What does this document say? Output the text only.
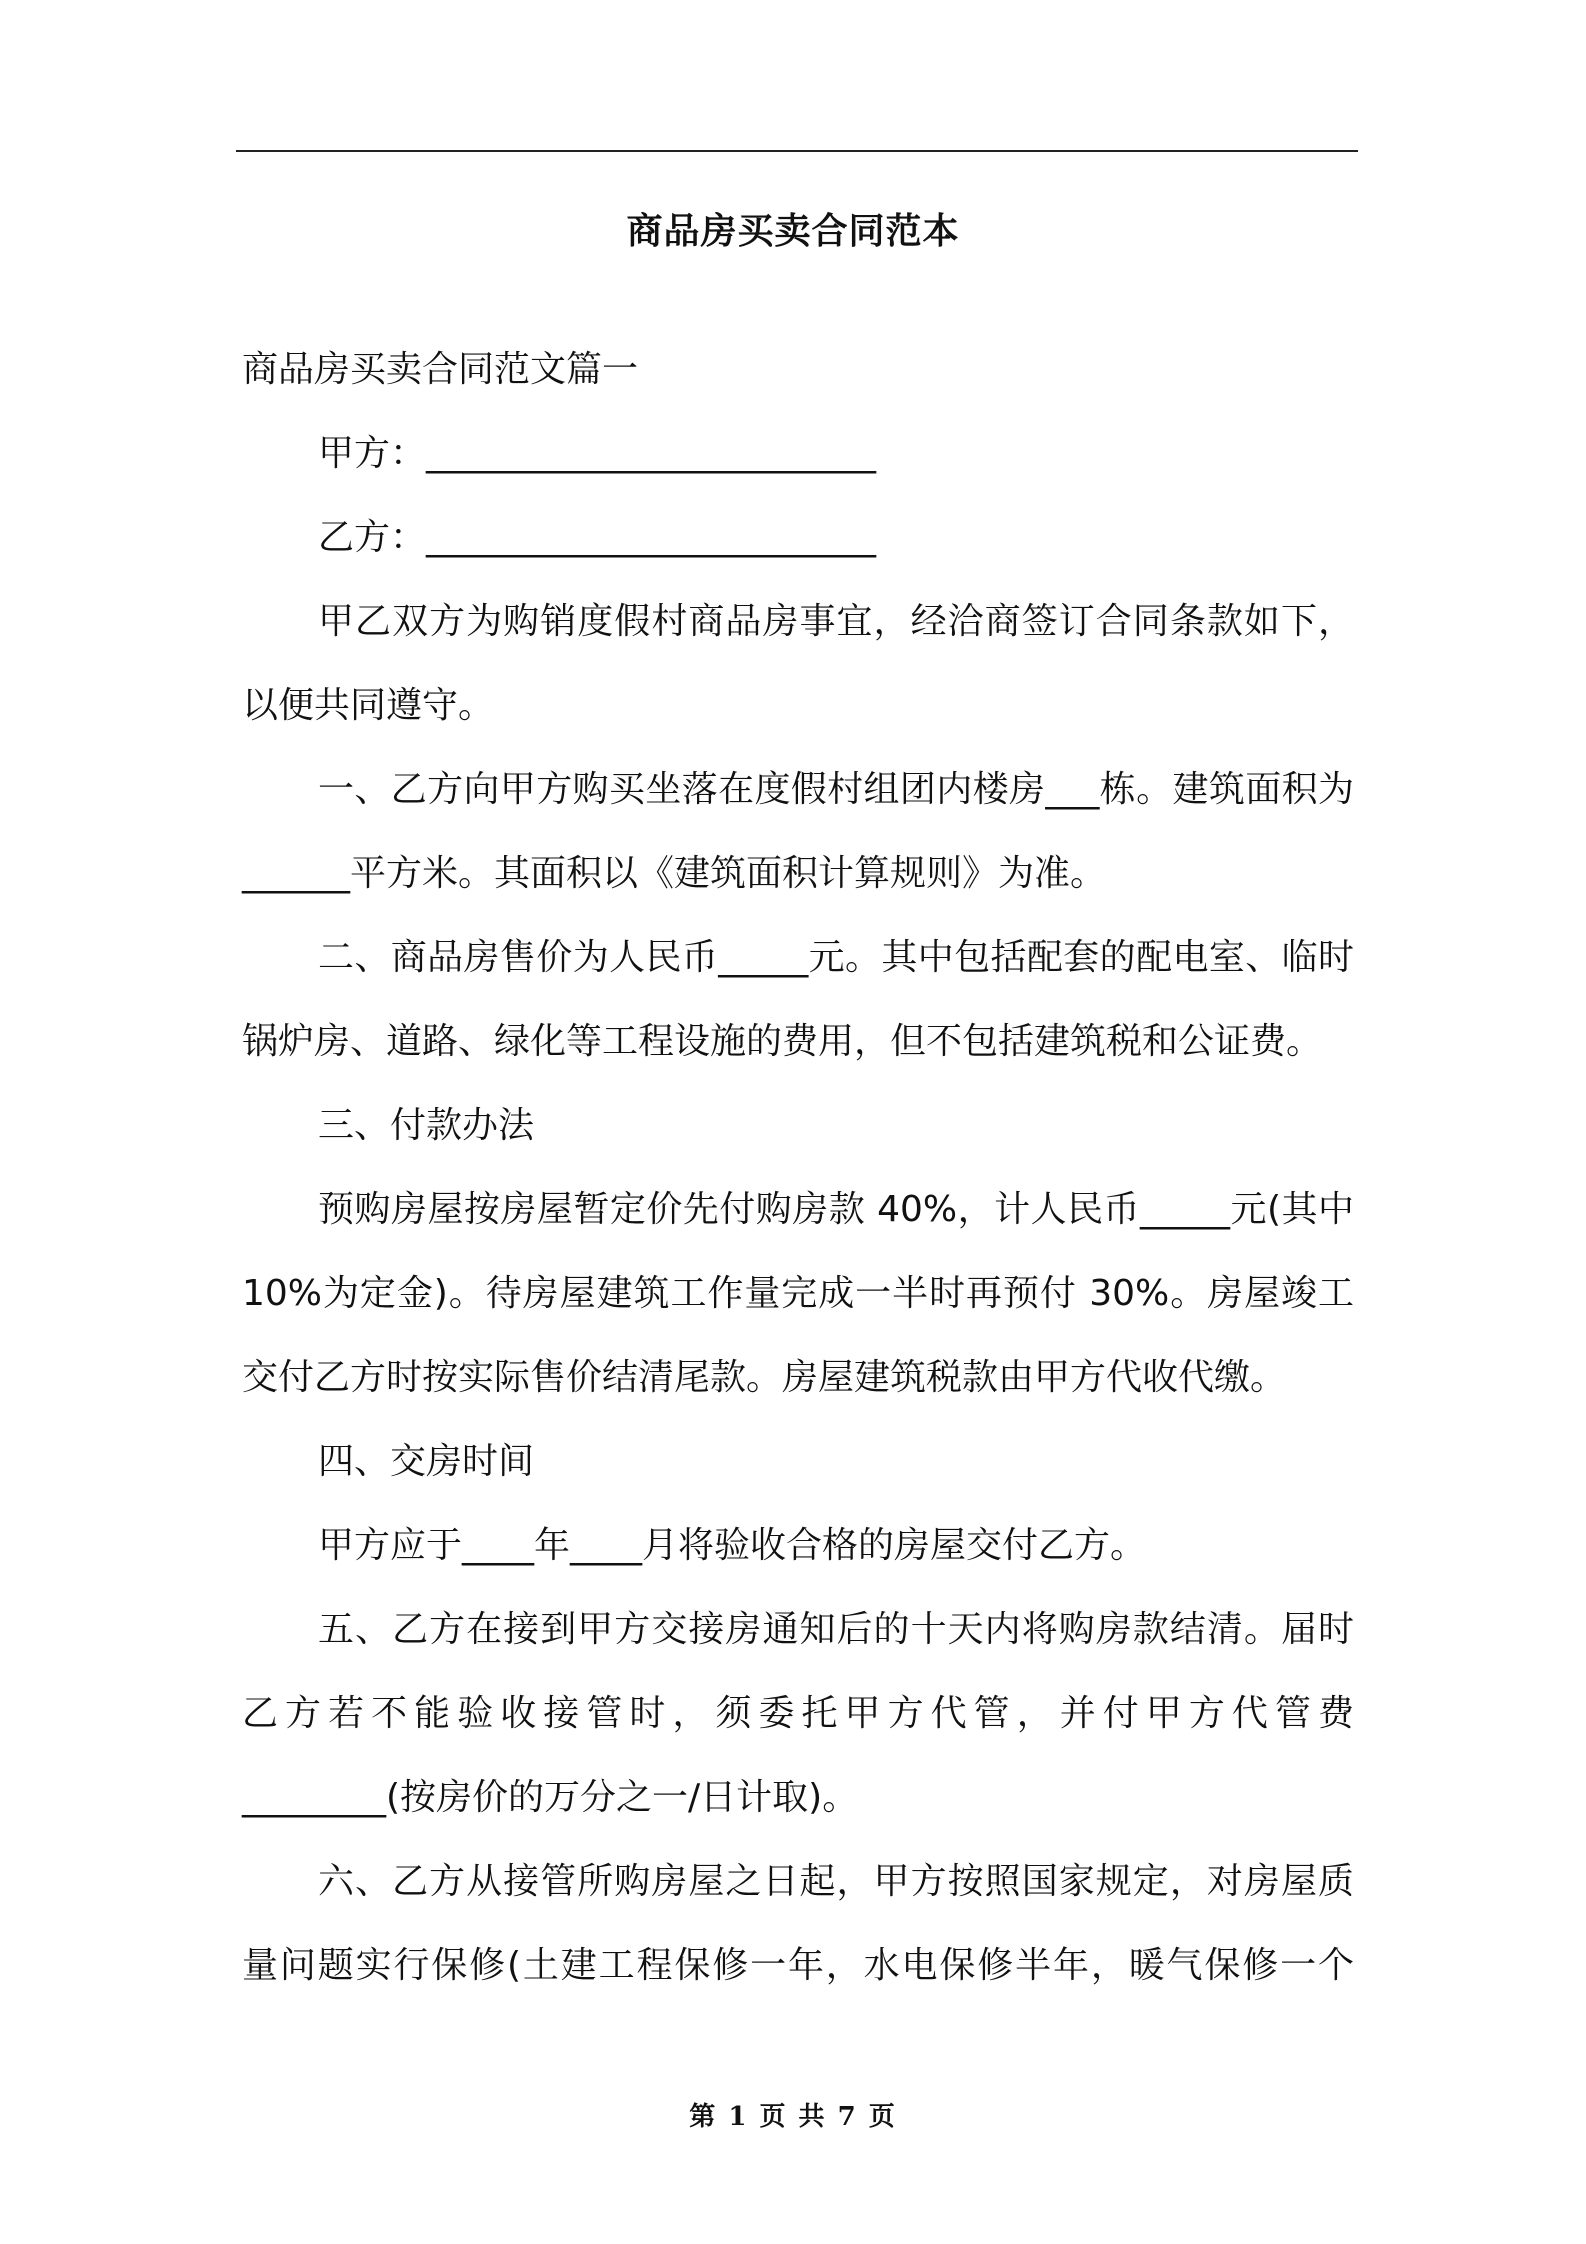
商品房买卖合同范本

商品房买卖合同范文篇一

甲方：_________________________

乙方：_________________________

甲乙双方为购销度假村商品房事宜，经洽商签订合同条款如下，以便共同遵守。

一、乙方向甲方购买坐落在度假村组团内楼房___栋。建筑面积为______平方米。其面积以《建筑面积计算规则》为准。

二、商品房售价为人民币_____元。其中包括配套的配电室、临时锅炉房、道路、绿化等工程设施的费用，但不包括建筑税和公证费。

三、付款办法

预购房屋按房屋暂定价先付购房款 40%，计人民币_____元(其中 10%为定金)。待房屋建筑工作量完成一半时再预付 30%。房屋竣工交付乙方时按实际售价结清尾款。房屋建筑税款由甲方代收代缴。

四、交房时间

甲方应于____年____月将验收合格的房屋交付乙方。

五、乙方在接到甲方交接房通知后的十天内将购房款结清。届时乙方若不能验收接管时，须委托甲方代管，并付甲方代管费________(按房价的万分之一/日计取)。

六、乙方从接管所购房屋之日起，甲方按照国家规定，对房屋质量问题实行保修(土建工程保修一年，水电保修半年，暖气保修一个

第 1 页 共 7 页
